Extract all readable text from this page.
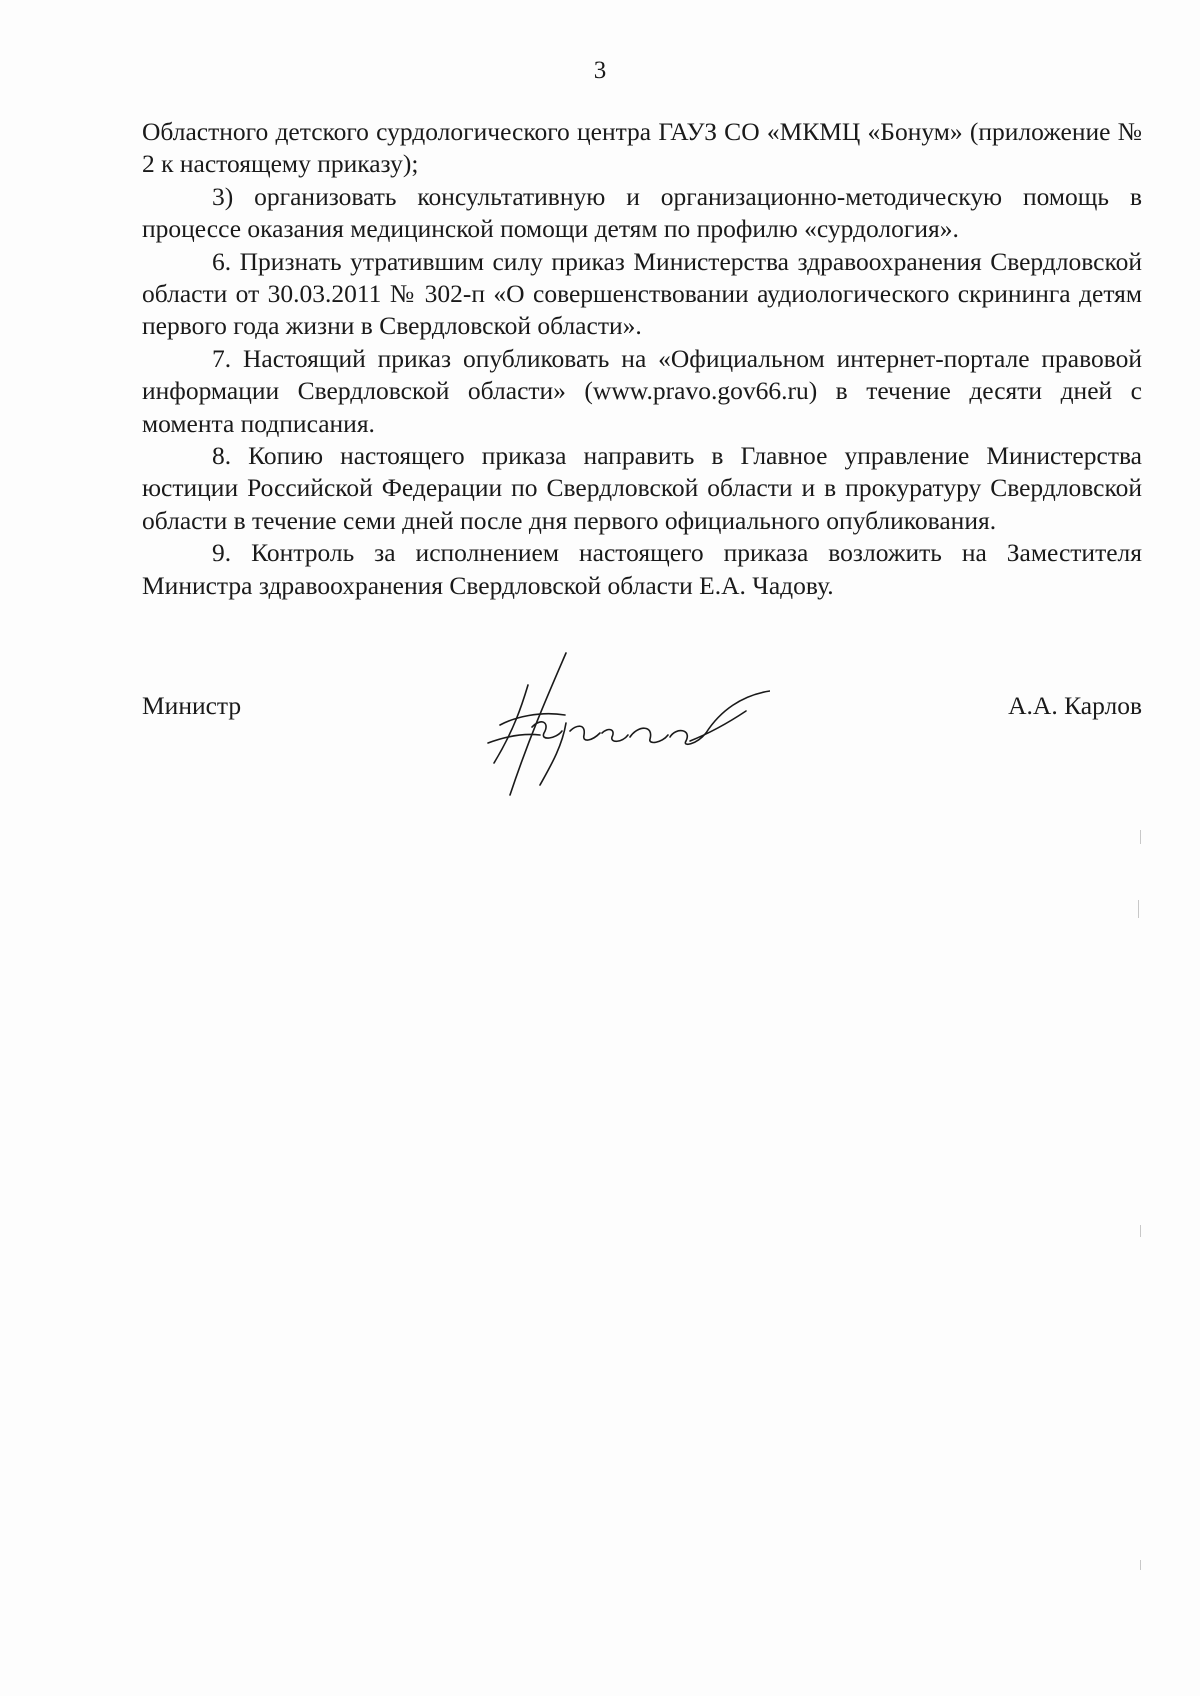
3

Областного детского сурдологического центра ГАУЗ СО «МКМЦ «Бонум» (приложение № 2 к настоящему приказу);

3) организовать консультативную и организационно-методическую помощь в процессе оказания медицинской помощи детям по профилю «сурдология».

6. Признать утратившим силу приказ Министерства здравоохранения Свердловской области от 30.03.2011 № 302-п «О совершенствовании аудиологического скрининга детям первого года жизни в Свердловской области».

7. Настоящий приказ опубликовать на «Официальном интернет-портале правовой информации Свердловской области» (www.pravo.gov66.ru) в течение десяти дней с момента подписания.

8. Копию настоящего приказа направить в Главное управление Министерства юстиции Российской Федерации по Свердловской области и в прокуратуру Свердловской области в течение семи дней после дня первого официального опубликования.

9. Контроль за исполнением настоящего приказа возложить на Заместителя Министра здравоохранения Свердловской области Е.А. Чадову.

Министр	А.А. Карлов
